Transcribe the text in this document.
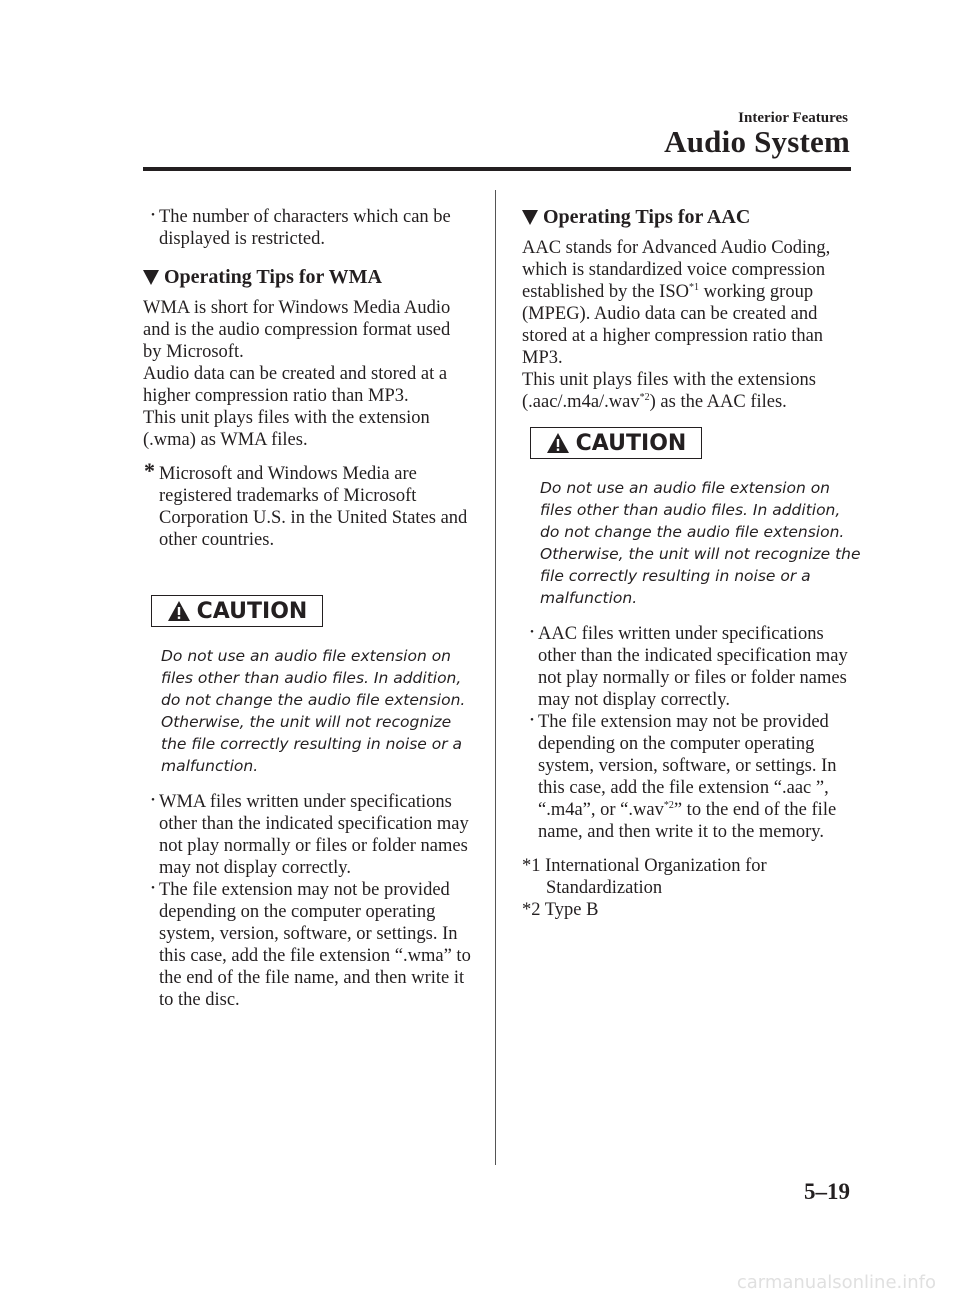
Interior Features
Audio System
・ The number of characters which can be displayed is restricted.
Operating Tips for WMA

WMA is short for Windows Media Audio and is the audio compression format used by Microsoft.

Audio data can be created and stored at a higher compression ratio than MP3.

This unit plays files with the extension (.wma) as WMA files.

* Microsoft and Windows Media are registered trademarks of Microsoft Corporation U.S. in the United States and other countries.
CAUTION

Do not use an audio file extension on files other than audio files. In addition, do not change the audio file extension. Otherwise, the unit will not recognize the file correctly resulting in noise or a malfunction.

・ WMA files written under specifications other than the indicated specification may not play normally or files or folder names may not display correctly.
・ The file extension may not be provided depending on the computer operating system, version, software, or settings. In this case, add the file extension “.wma” to the end of the file name, and then write it to the disc.
Operating Tips for AAC

AAC stands for Advanced Audio Coding, which is standardized voice compression established by the ISO$^{*1}$ working group (MPEG). Audio data can be created and stored at a higher compression ratio than MP3.

This unit plays files with the extensions (.aac/.m4a/.wav$^{*2}$) as the AAC files.

CAUTION

Do not use an audio file extension on files other than audio files. In addition, do not change the audio file extension. Otherwise, the unit will not recognize the file correctly resulting in noise or a malfunction.

・ AAC files written under specifications other than the indicated specification may not play normally or files or folder names may not display correctly.
・ The file extension may not be provided depending on the computer operating system, version, software, or settings. In this case, add the file extension “.aac ”, “.m4a”, or “.wav$^{*2}$” to the end of the file name, and then write it to the memory.
*1 International Organization for
Standardization
*2 Type B
5–19
carmanualsonline.info
